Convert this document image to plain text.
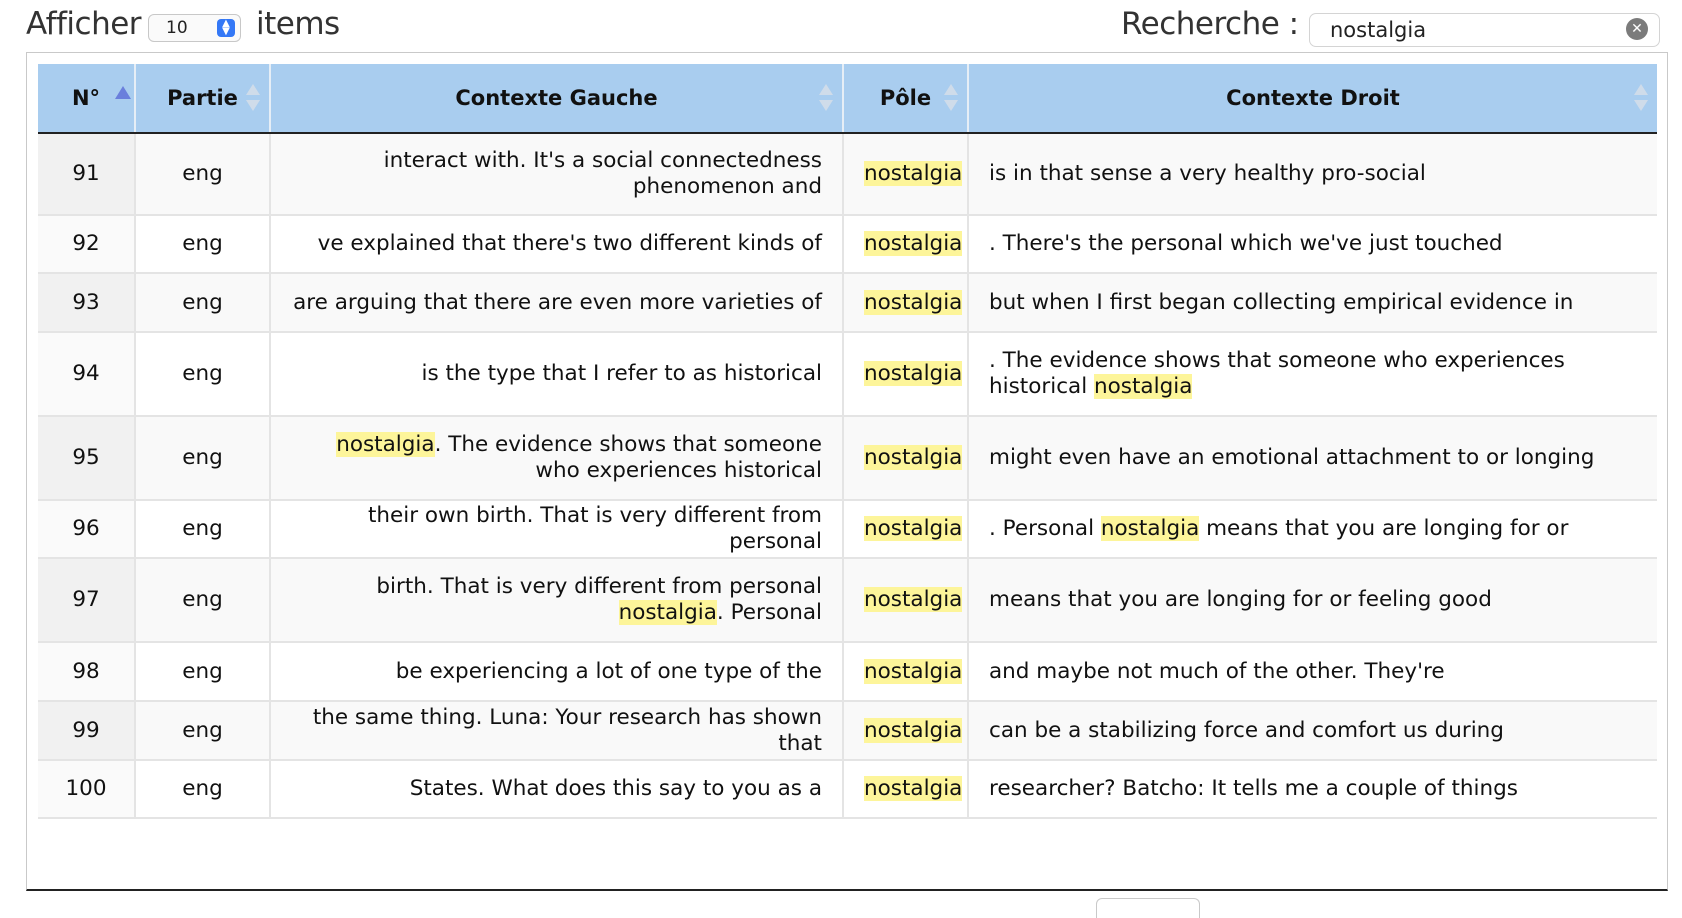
Afficher	10	▲
▼ items	Recherche :
nostalgia	✕
N°	Partie	Contexte Gauche	Pôle	Contexte Droit

91	eng	interact with. It's a social connectedness phenomenon and	nostalgia	is in that sense a very healthy pro-social
92	eng	ve explained that there's two different kinds of	nostalgia	. There's the personal which we've just touched
93	eng	are arguing that there are even more varieties of	nostalgia	but when I first began collecting empirical evidence in
94	eng	is the type that I refer to as historical	nostalgia	. The evidence shows that someone who experiences historical nostalgia
95	eng	nostalgia. The evidence shows that someone who experiences historical	nostalgia	might even have an emotional attachment to or longing
96	eng	their own birth. That is very different from personal	nostalgia	. Personal nostalgia means that you are longing for or
97	eng	birth. That is very different from personal nostalgia. Personal	nostalgia	means that you are longing for or feeling good
98	eng	be experiencing a lot of one type of the	nostalgia	and maybe not much of the other. They're
99	eng	the same thing. Luna: Your research has shown that	nostalgia	can be a stabilizing force and comfort us during
100	eng	States. What does this say to you as a	nostalgia	researcher? Batcho: It tells me a couple of things
